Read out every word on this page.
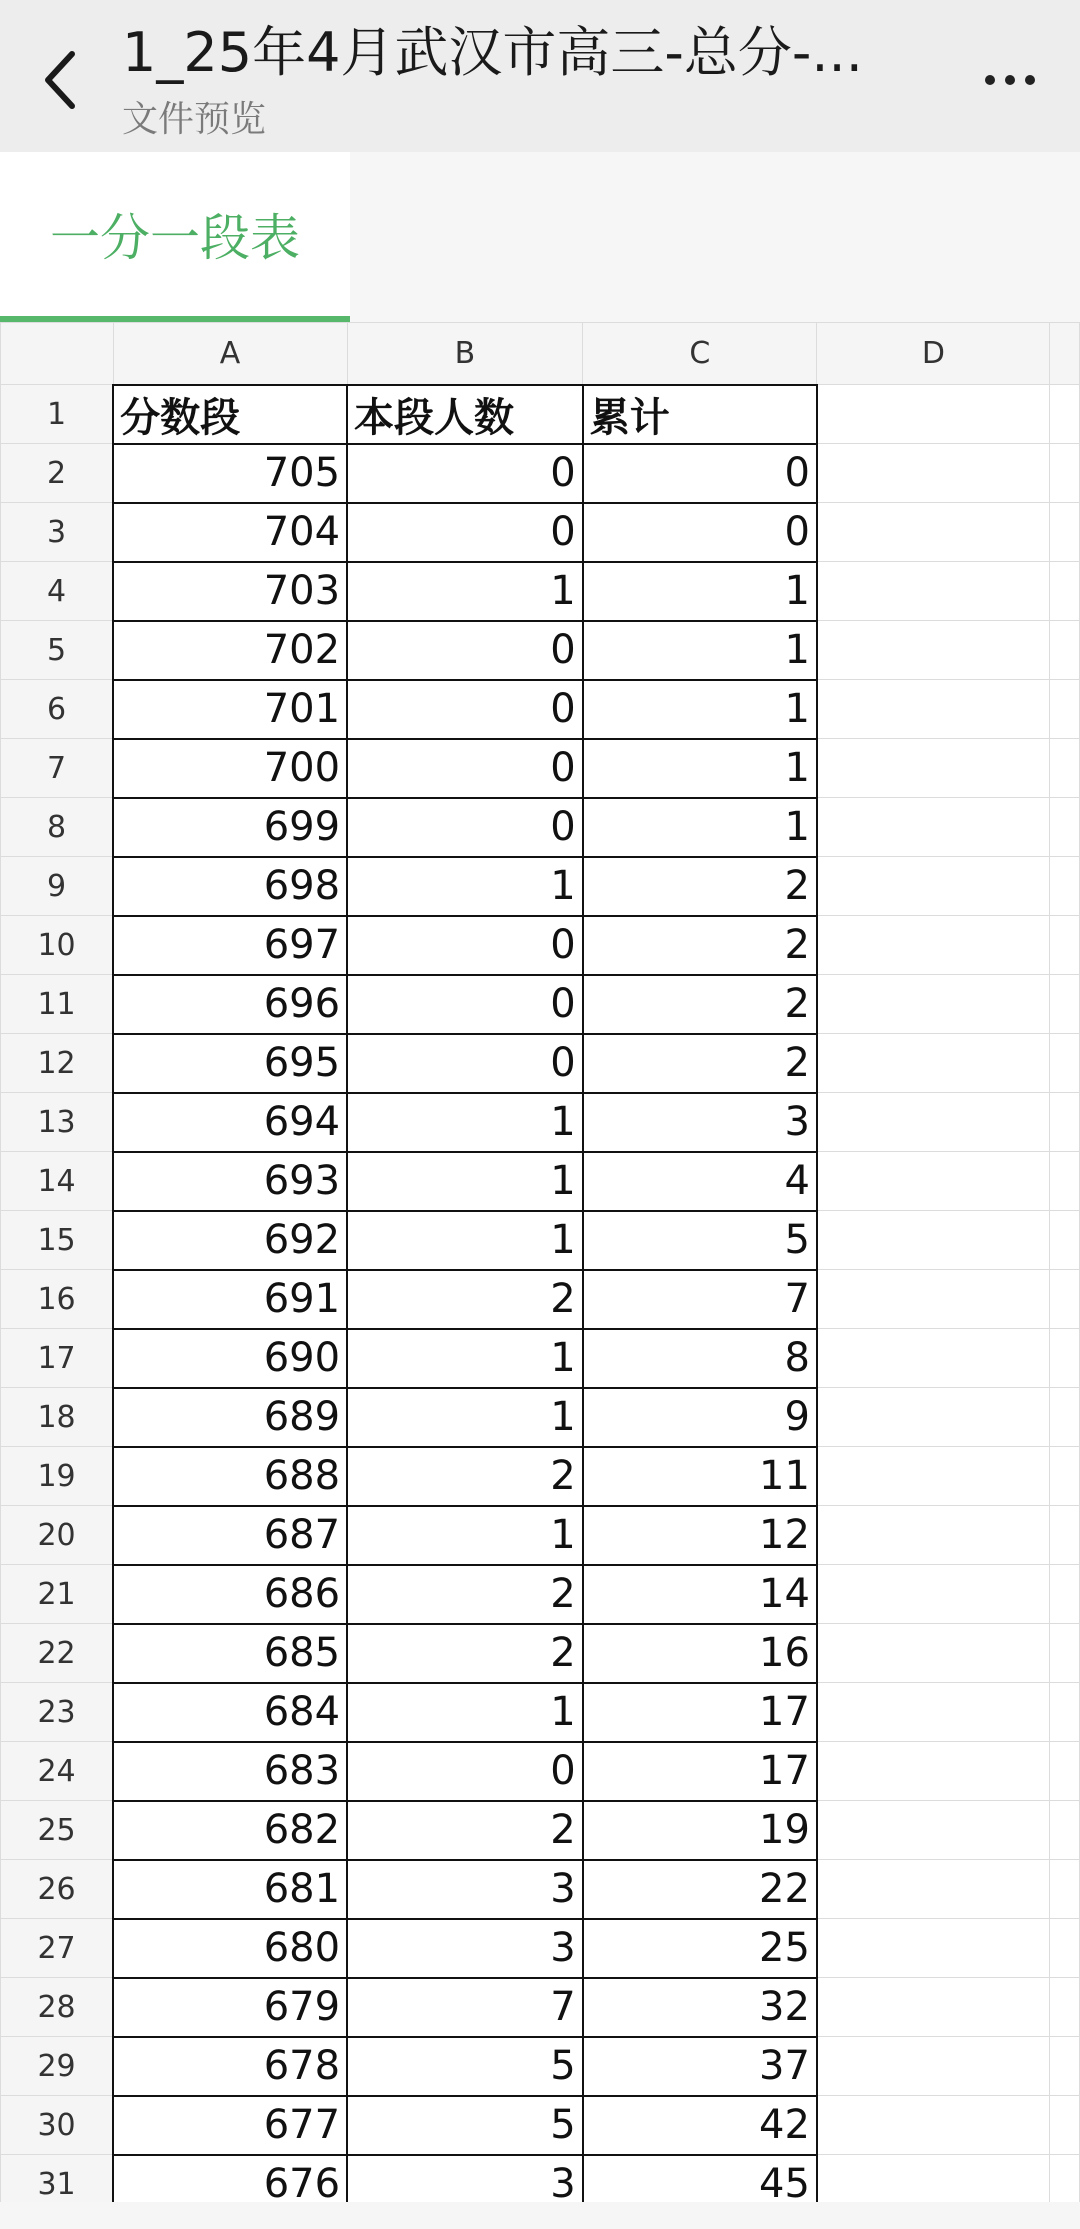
1_25年4月武汉市高三-总分-...
文件预览
一分一段表
	A	B	C	D	
1	分数段	本段人数	累计		
2	705	0	0		
3	704	0	0		
4	703	1	1		
5	702	0	1		
6	701	0	1		
7	700	0	1		
8	699	0	1		
9	698	1	2		
10	697	0	2		
11	696	0	2		
12	695	0	2		
13	694	1	3		
14	693	1	4		
15	692	1	5		
16	691	2	7		
17	690	1	8		
18	689	1	9		
19	688	2	11		
20	687	1	12		
21	686	2	14		
22	685	2	16		
23	684	1	17		
24	683	0	17		
25	682	2	19		
26	681	3	22		
27	680	3	25		
28	679	7	32		
29	678	5	37		
30	677	5	42		
31	676	3	45		
